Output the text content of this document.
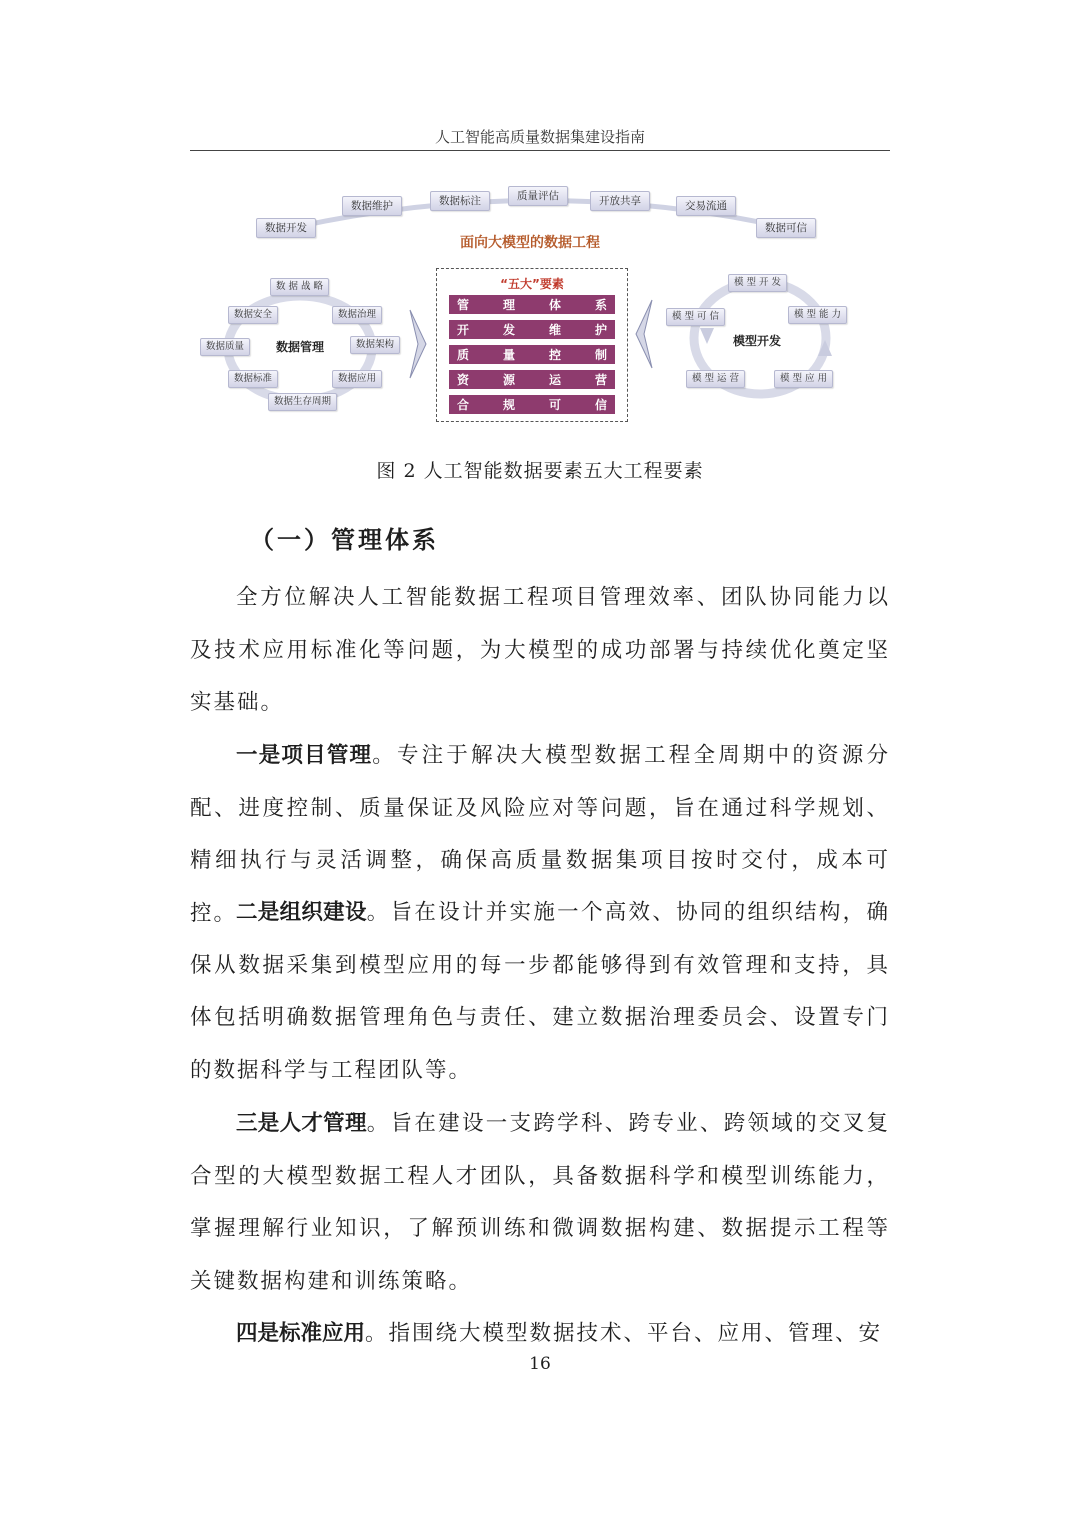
人工智能高质量数据集建设指南
数据开发
数据维护	数据标注	质量评估	开放共享	交易流通
数据可信
面向大模型的数据工程
“五大”要素
管	理	体	系
开	发	维	护
质	量	控	制
资	源	运	营
合	规	可	信
数据管理
数 据 战 略
数据治理
数据架构
数据应用
数据生存周期
数据标准
数据质量
数据安全
模型开发
模 型 开 发
模 型 能 力
模 型 应 用
模 型 运 营
模 型 可 信
图 2 人工智能数据要素五大工程要素
（一）管理体系

全方位解决人工智能数据工程项目管理效率、团队协同能力以及技术应用标准化等问题，为大模型的成功部署与持续优化奠定坚实基础。

一是项目管理。专注于解决大模型数据工程全周期中的资源分配、进度控制、质量保证及风险应对等问题，旨在通过科学规划、精细执行与灵活调整，确保高质量数据集项目按时交付，成本可控。

二是组织建设。旨在设计并实施一个高效、协同的组织结构，确保从数据采集到模型应用的每一步都能够得到有效管理和支持，具体包括明确数据管理角色与责任、建立数据治理委员会、设置专门的数据科学与工程团队等。

三是人才管理。旨在建设一支跨学科、跨专业、跨领域的交叉复合型的大模型数据工程人才团队，具备数据科学和模型训练能力，掌握理解行业知识，了解预训练和微调数据构建、数据提示工程等关键数据构建和训练策略。

四是标准应用。指围绕大模型数据技术、平台、应用、管理、安

16
